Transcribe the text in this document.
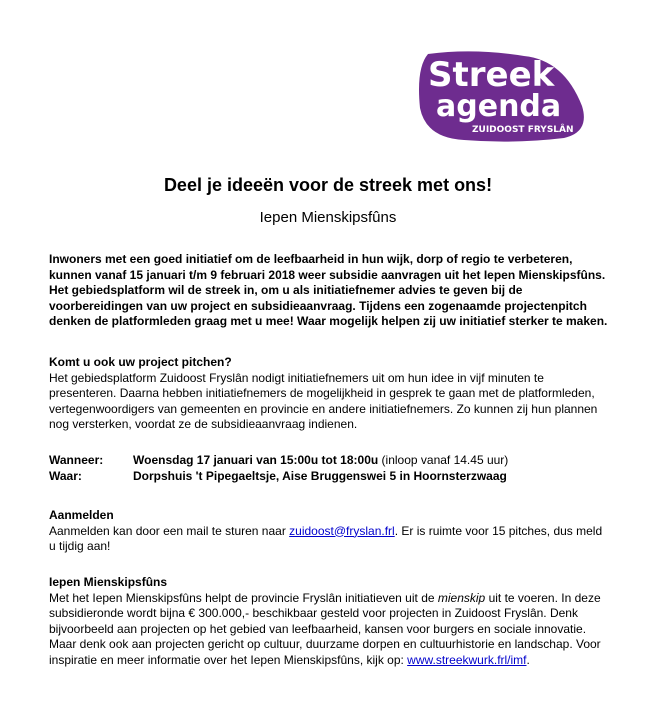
Streek
agenda
ZUIDOOST FRYSLÂN
Deel je ideeën voor de streek met ons!
Iepen Mienskipsfûns

Inwoners met een goed initiatief om de leefbaarheid in hun wijk, dorp of regio te verbeteren, kunnen vanaf 15 januari t/m 9 februari 2018 weer subsidie aanvragen uit het Iepen Mienskipsfûns. Het gebiedsplatform wil de streek in, om u als initiatiefnemer advies te geven bij de voorbereidingen van uw project en subsidieaanvraag. Tijdens een zogenaamde projectenpitch denken de platformleden graag met u mee! Waar mogelijk helpen zij uw initiatief sterker te maken.

Komt u ook uw project pitchen?

Het gebiedsplatform Zuidoost Fryslân nodigt initiatiefnemers uit om hun idee in vijf minuten te presenteren. Daarna hebben initiatiefnemers de mogelijkheid in gesprek te gaan met de platformleden, vertegenwoordigers van gemeenten en provincie en andere initiatiefnemers. Zo kunnen zij hun plannen nog versterken, voordat ze de subsidieaanvraag indienen.

Wanneer:	Woensdag 17 januari van 15:00u tot 18:00u (inloop vanaf 14.45 uur)
Waar:	Dorpshuis 't Pipegaeltsje, Aise Bruggenswei 5 in Hoornsterzwaag
Aanmelden

Aanmelden kan door een mail te sturen naar zuidoost@fryslan.frl. Er is ruimte voor 15 pitches, dus meld u tijdig aan!

Iepen Mienskipsfûns

Met het Iepen Mienskipsfûns helpt de provincie Fryslân initiatieven uit de mienskip uit te voeren. In deze subsidieronde wordt bijna € 300.000,- beschikbaar gesteld voor projecten in Zuidoost Fryslân. Denk bijvoorbeeld aan projecten op het gebied van leefbaarheid, kansen voor burgers en sociale innovatie. Maar denk ook aan projecten gericht op cultuur, duurzame dorpen en cultuurhistorie en landschap. Voor inspiratie en meer informatie over het Iepen Mienskipsfûns, kijk op: www.streekwurk.frl/imf.
